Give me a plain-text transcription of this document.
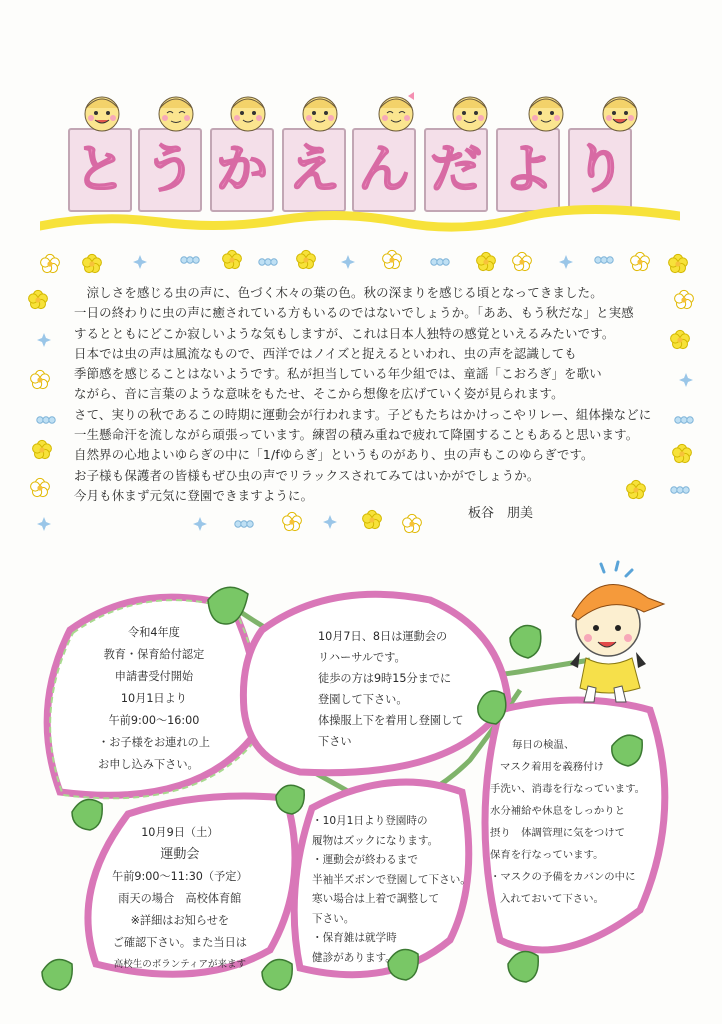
と う か え ん だ よ り

　涼しさを感じる虫の声に、色づく木々の葉の色。秋の深まりを感じる頃となってきました。

一日の終わりに虫の声に癒されている方もいるのではないでしょうか。「ああ、もう秋だな」と実感

するとともにどこか寂しいような気もしますが、これは日本人独特の感覚といえるみたいです。

日本では虫の声は風流なもので、西洋ではノイズと捉えるといわれ、虫の声を認識しても

季節感を感じることはないようです。私が担当している年少組では、童謡「こおろぎ」を歌い

ながら、音に言葉のような意味をもたせ、そこから想像を広げていく姿が見られます。

さて、実りの秋であるこの時期に運動会が行われます。子どもたちはかけっこやリレー、組体操などに

一生懸命汗を流しながら頑張っています。練習の積み重ねで疲れて降園することもあると思います。

自然界の心地よいゆらぎの中に「1/fゆらぎ」というものがあり、虫の声もこのゆらぎです。

お子様も保護者の皆様もぜひ虫の声でリラックスされてみてはいかがでしょうか。

今月も休まず元気に登園できますように。

板谷　朋美
令和4年度
教育・保育給付認定
申請書受付開始
10月1日より
午前9:00～16:00
・お子様をお連れの上
お申し込み下さい。
10月7日、8日は運動会の
リハーサルです。
徒歩の方は9時15分までに
登園して下さい。
体操服上下を着用し登園して
下さい
10月9日（土）
運動会
午前9:00～11:30（予定）
雨天の場合　高校体育館
※詳細はお知らせを
ご確認下さい。また当日は
高校生のボランティアが来ます
・10月1日より登園時の
履物はズックになります。
・運動会が終わるまで
半袖半ズボンで登園して下さい。
寒い場合は上着で調整して
下さい。
・保育雑は就学時
健診があります。
毎日の検温、
マスク着用を義務付け
手洗い、消毒を行なっています。
水分補給や休息をしっかりと
摂り　体調管理に気をつけて
保育を行なっています。
・マスクの予備をカバンの中に
入れておいて下さい。
